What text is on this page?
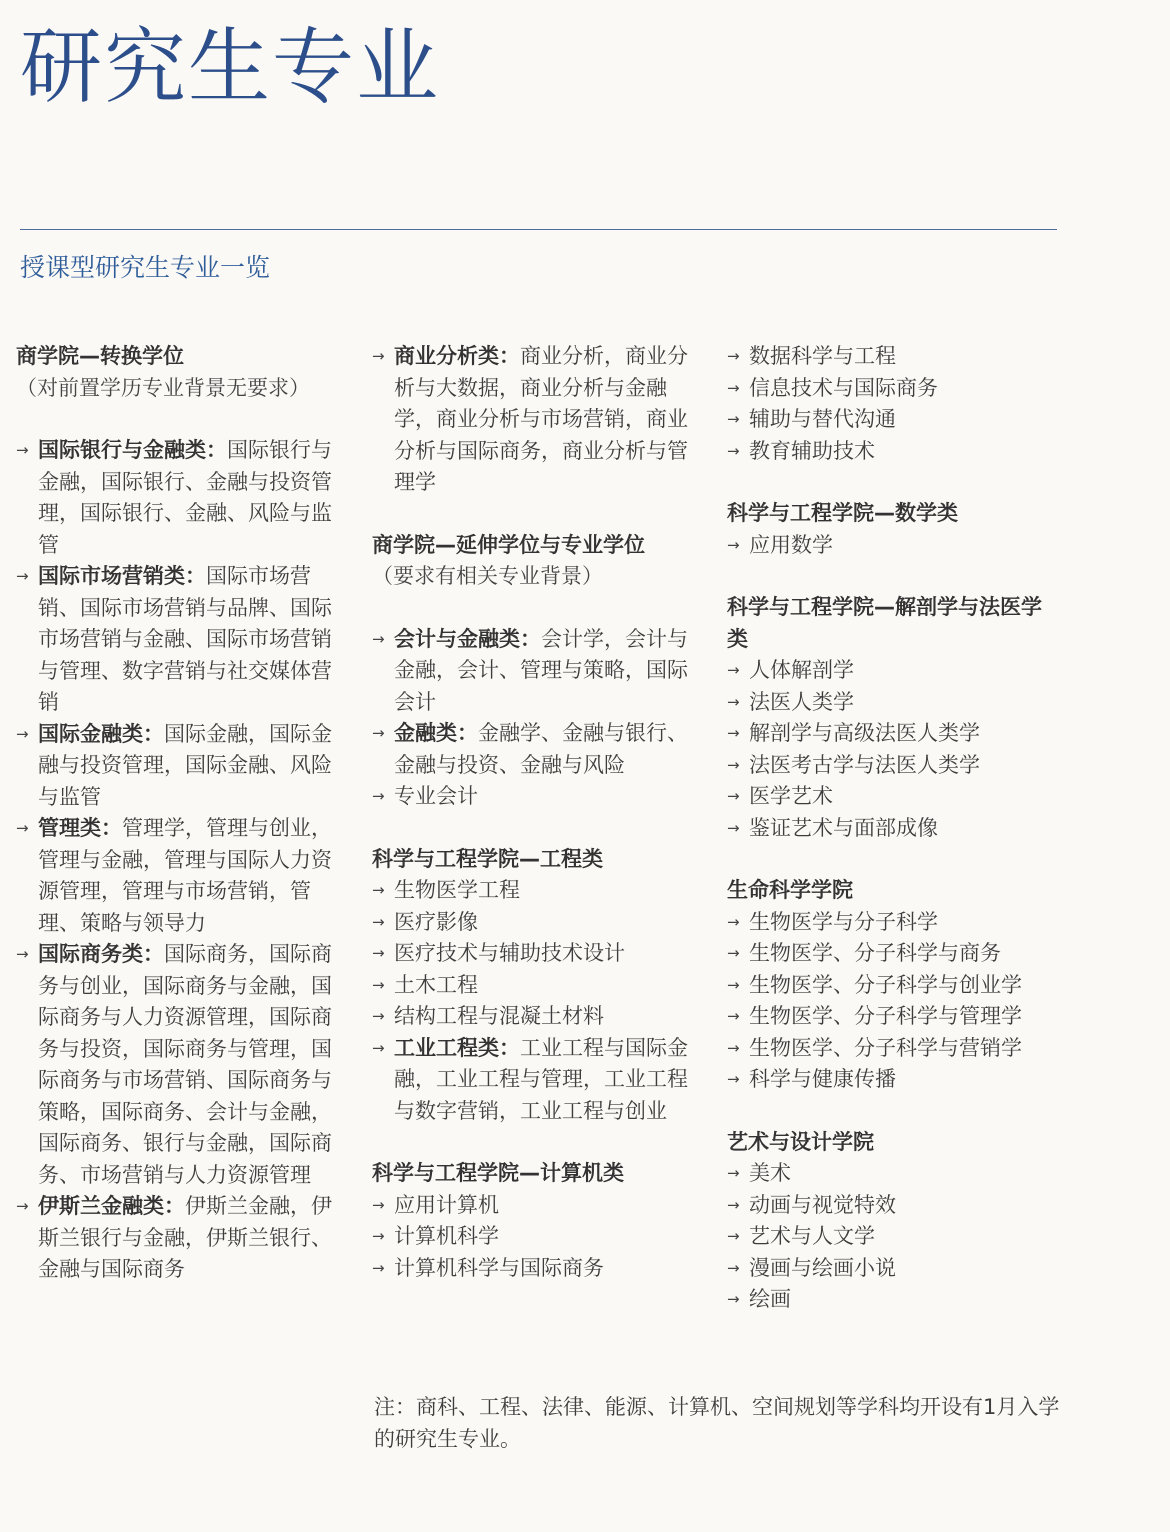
研究生专业
授课型研究生专业一览
商学院—转换学位
（对前置学历专业背景无要求）
→ 国际银行与金融类：国际银行与金融，国际银行、金融与投资管理，国际银行、金融、风险与监管
→ 国际市场营销类：国际市场营销、国际市场营销与品牌、国际市场营销与金融、国际市场营销与管理、数字营销与社交媒体营销
→ 国际金融类：国际金融，国际金融与投资管理，国际金融、风险与监管
→ 管理类：管理学，管理与创业，管理与金融，管理与国际人力资源管理，管理与市场营销，管理、策略与领导力
→ 国际商务类：国际商务，国际商务与创业，国际商务与金融，国际商务与人力资源管理，国际商务与投资，国际商务与管理，国际商务与市场营销、国际商务与策略，国际商务、会计与金融，国际商务、银行与金融，国际商务、市场营销与人力资源管理
→ 伊斯兰金融类：伊斯兰金融，伊斯兰银行与金融，伊斯兰银行、金融与国际商务
→ 商业分析类：商业分析，商业分析与大数据，商业分析与金融学，商业分析与市场营销，商业分析与国际商务，商业分析与管理学
商学院—延伸学位与专业学位
（要求有相关专业背景）
→ 会计与金融类：会计学，会计与金融，会计、管理与策略，国际会计
→ 金融类：金融学、金融与银行、金融与投资、金融与风险
→ 专业会计
科学与工程学院—工程类
→ 生物医学工程
→ 医疗影像
→ 医疗技术与辅助技术设计
→ 土木工程
→ 结构工程与混凝土材料
→ 工业工程类：工业工程与国际金融，工业工程与管理，工业工程与数字营销，工业工程与创业
科学与工程学院—计算机类
→ 应用计算机
→ 计算机科学
→ 计算机科学与国际商务
→ 数据科学与工程
→ 信息技术与国际商务
→ 辅助与替代沟通
→ 教育辅助技术
科学与工程学院—数学类
→ 应用数学
科学与工程学院—解剖学与法医学类
→ 人体解剖学
→ 法医人类学
→ 解剖学与高级法医人类学
→ 法医考古学与法医人类学
→ 医学艺术
→ 鉴证艺术与面部成像
生命科学学院
→ 生物医学与分子科学
→ 生物医学、分子科学与商务
→ 生物医学、分子科学与创业学
→ 生物医学、分子科学与管理学
→ 生物医学、分子科学与营销学
→ 科学与健康传播
艺术与设计学院
→ 美术
→ 动画与视觉特效
→ 艺术与人文学
→ 漫画与绘画小说
→ 绘画

注：商科、工程、法律、能源、计算机、空间规划等学科均开设有1月入学的研究生专业。
